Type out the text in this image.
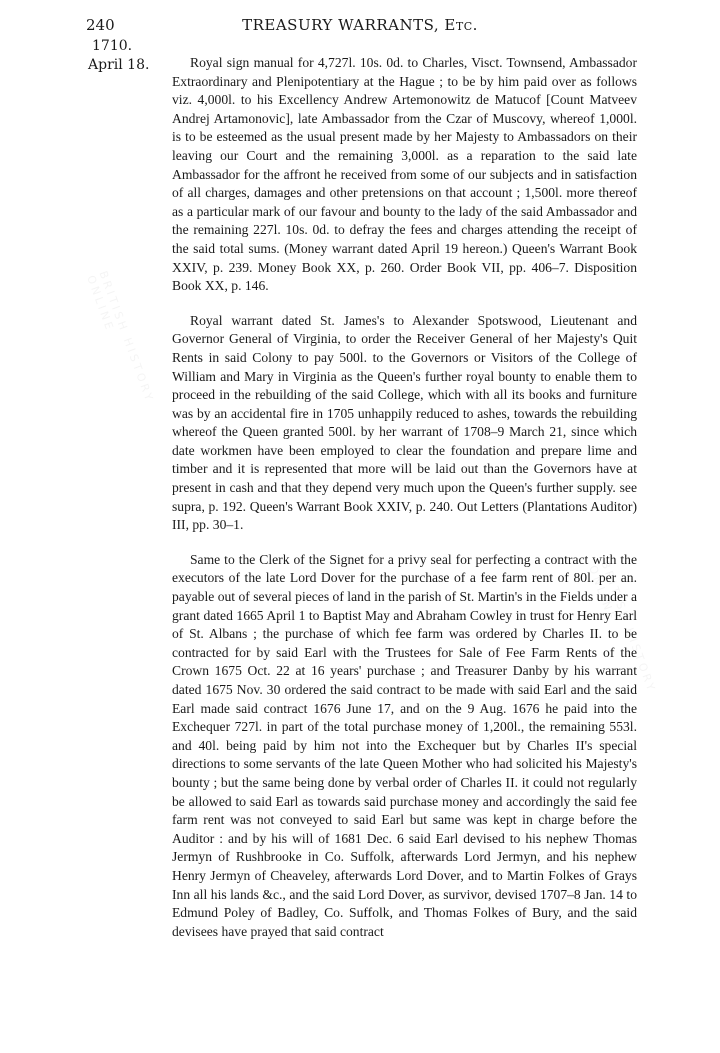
240	TREASURY WARRANTS, Etc.
1710.
April 18.	Royal sign manual for 4,727l. 10s. 0d. to Charles, Visct. Townsend, Ambassador Extraordinary and Plenipotentiary at the Hague ; to be by him paid over as follows viz. 4,000l. to his Excellency Andrew Artemonowitz de Matucof [Count Matveev Andrej Artamonovic], late Ambassador from the Czar of Muscovy, whereof 1,000l. is to be esteemed as the usual present made by her Majesty to Ambassadors on their leaving our Court and the remaining 3,000l. as a reparation to the said late Ambassador for the affront he received from some of our subjects and in satisfaction of all charges, damages and other pretensions on that account ; 1,500l. more thereof as a particular mark of our favour and bounty to the lady of the said Ambassador and the remaining 227l. 10s. 0d. to defray the fees and charges attending the receipt of the said total sums. (Money warrant dated April 19 hereon.) Queen's Warrant Book XXIV, p. 239. Money Book XX, p. 260. Order Book VII, pp. 406–7. Disposition Book XX, p. 146.

Royal warrant dated St. James's to Alexander Spotswood, Lieutenant and Governor General of Virginia, to order the Receiver General of her Majesty's Quit Rents in said Colony to pay 500l. to the Governors or Visitors of the College of William and Mary in Virginia as the Queen's further royal bounty to enable them to proceed in the rebuilding of the said College, which with all its books and furniture was by an accidental fire in 1705 unhappily reduced to ashes, towards the rebuilding whereof the Queen granted 500l. by her warrant of 1708–9 March 21, since which date workmen have been employed to clear the foundation and prepare lime and timber and it is represented that more will be laid out than the Governors have at present in cash and that they depend very much upon the Queen's further supply. see supra, p. 192. Queen's Warrant Book XXIV, p. 240. Out Letters (Plantations Auditor) III, pp. 30–1.

Same to the Clerk of the Signet for a privy seal for perfecting a contract with the executors of the late Lord Dover for the purchase of a fee farm rent of 80l. per an. payable out of several pieces of land in the parish of St. Martin's in the Fields under a grant dated 1665 April 1 to Baptist May and Abraham Cowley in trust for Henry Earl of St. Albans ; the purchase of which fee farm was ordered by Charles II. to be contracted for by said Earl with the Trustees for Sale of Fee Farm Rents of the Crown 1675 Oct. 22 at 16 years' purchase ; and Treasurer Danby by his warrant dated 1675 Nov. 30 ordered the said contract to be made with said Earl and the said Earl made said contract 1676 June 17, and on the 9 Aug. 1676 he paid into the Exchequer 727l. in part of the total purchase money of 1,200l., the remaining 553l. and 40l. being paid by him not into the Exchequer but by Charles II's special directions to some servants of the late Queen Mother who had solicited his Majesty's bounty ; but the same being done by verbal order of Charles II. it could not regularly be allowed to said Earl as towards said purchase money and accordingly the said fee farm rent was not conveyed to said Earl but same was kept in charge before the Auditor : and by his will of 1681 Dec. 6 said Earl devised to his nephew Thomas Jermyn of Rushbrooke in Co. Suffolk, afterwards Lord Jermyn, and his nephew Henry Jermyn of Cheaveley, afterwards Lord Dover, and to Martin Folkes of Grays Inn all his lands &c., and the said Lord Dover, as survivor, devised 1707–8 Jan. 14 to Edmund Poley of Badley, Co. Suffolk, and Thomas Folkes of Bury, and the said devisees have prayed that said contract
